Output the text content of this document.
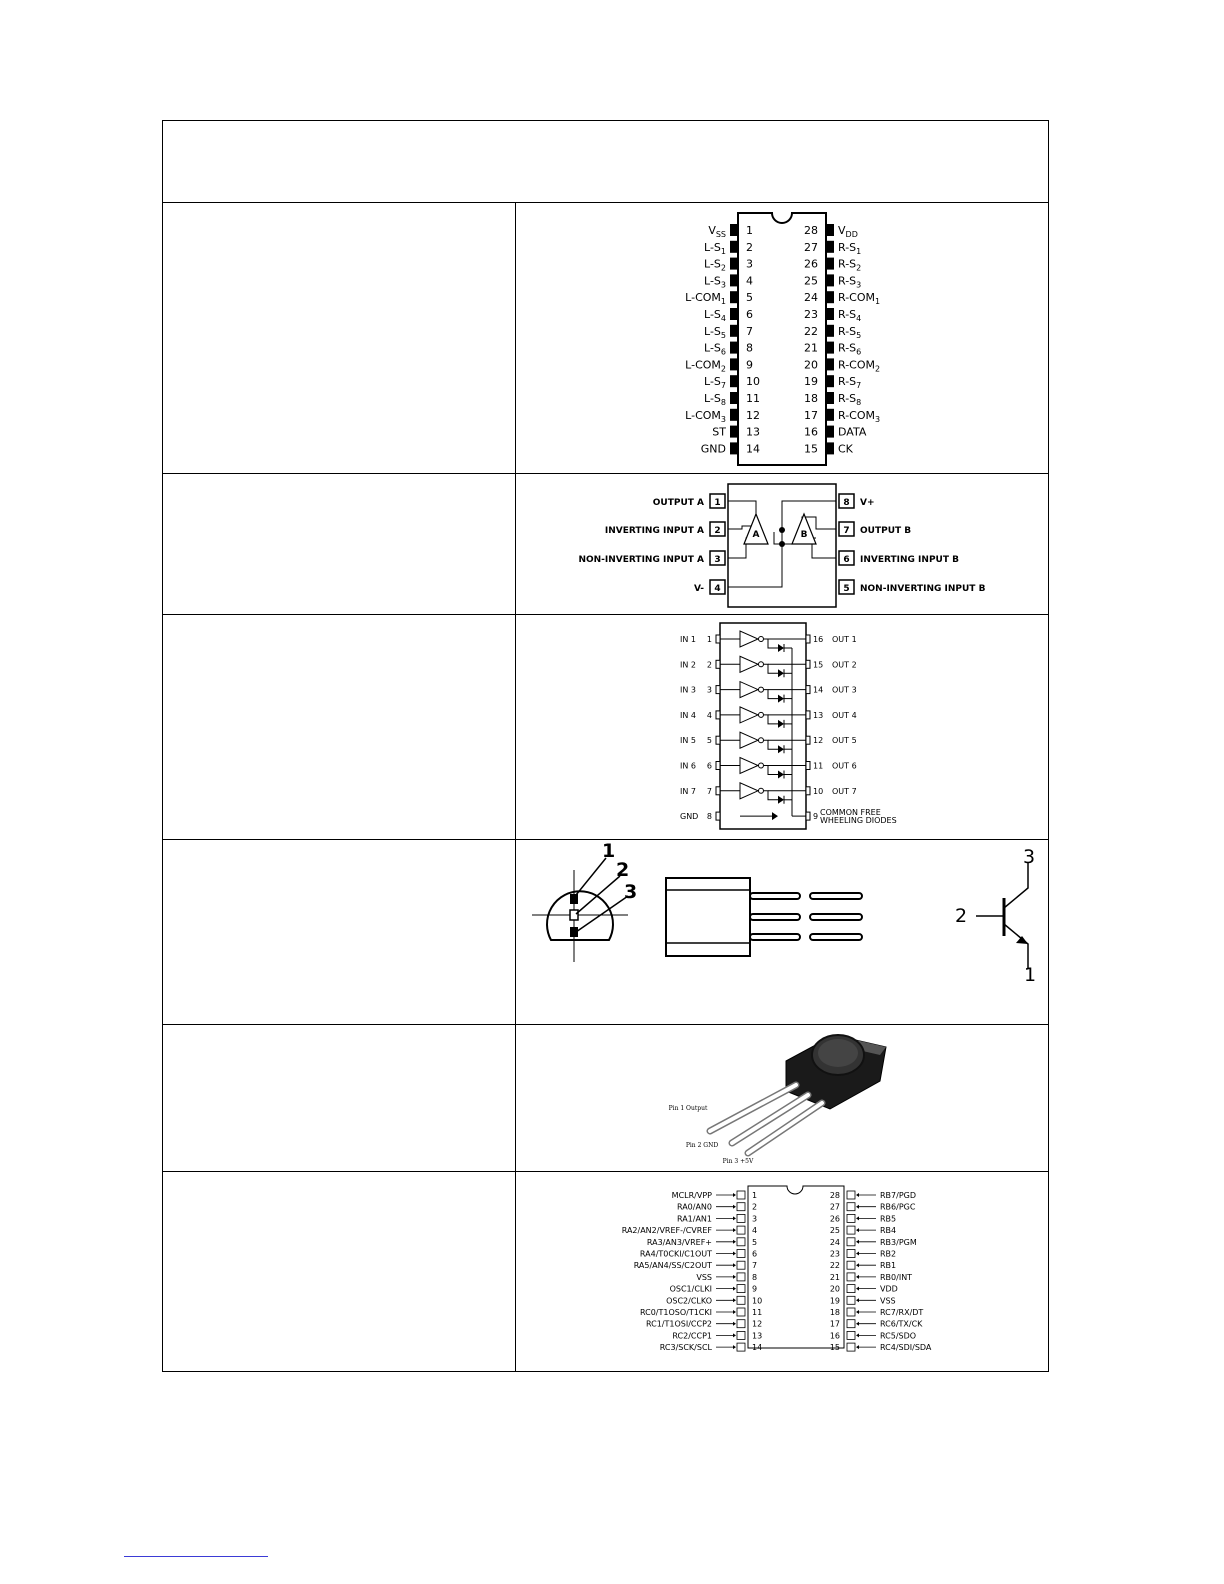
1
$V_{SS}$
2
$L-S_1$
3
$L-S_2$
4
$L-S_3$
5
$L-COM_1$
6
$L-S_4$
7
$L-S_5$
8
$L-S_6$
9
$L-COM_2$
10
$L-S_7$
11
$L-S_8$
12
$L-COM_3$
13
ST
14
GND
28 $V_{DD}$
27 $R-S_1$
26 $R-S_2$
25 $R-S_3$
24 $R-COM_1$
23 $R-S_4$
22 $R-S_5$
21 $R-S_6$
20 $R-COM_2$
19 $R-S_7$
18 $R-S_8$
17 $R-COM_3$
16 DATA
15 CK
1
OUTPUT A
2
INVERTING INPUT A
3
NON-INVERTING INPUT A
4
V-
8 V+
7 OUTPUT B
6 INVERTING INPUT B
5 NON-INVERTING INPUT B
A	B
1
IN 1
2
IN 2
3
IN 3
4
IN 4
5
IN 5
6
IN 6
7
IN 7
8
GND
16 OUT 1
15 OUT 2
14 OUT 3
13 OUT 4
12 OUT 5
11 OUT 6
10 OUT 7
9 COMMON FREE
WHEELING DIODES
1
2
3
2
3
1
Pin 1 Output
Pin 2 GND
Pin 3 +5V
1
MCLR/VPP
2
RA0/AN0
3
RA1/AN1
4
RA2/AN2/VREF-/CVREF
5
RA3/AN3/VREF+
6
RA4/T0CKI/C1OUT
7
RA5/AN4/SS/C2OUT
8
VSS
9
OSC1/CLKI
10
OSC2/CLKO
11
RC0/T1OSO/T1CKI
12
RC1/T1OSI/CCP2
13
RC2/CCP1
14
RC3/SCK/SCL
28	RB7/PGD
27	RB6/PGC
26	RB5
25	RB4
24	RB3/PGM
23	RB2
22	RB1
21	RB0/INT
20	VDD
19	VSS
18	RC7/RX/DT
17	RC6/TX/CK
16	RC5/SDO
15	RC4/SDI/SDA
